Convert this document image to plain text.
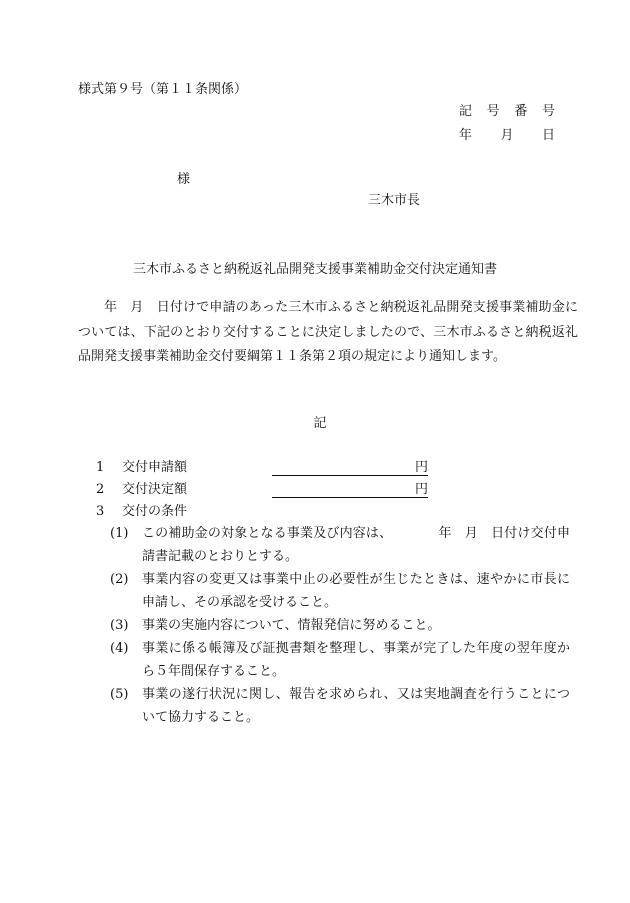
様式第９号（第１１条関係）
記 号 番 号
年 月 日
様
三木市長
三木市ふるさと納税返礼品開発支援事業補助金交付決定通知書
年　月　日付けで申請のあった三木市ふるさと納税返礼品開発支援事業補助金については、下記のとおり交付することに決定しましたので、三木市ふるさと納税返礼品開発支援事業補助金交付要綱第１１条第２項の規定により通知します。
記
1 交付申請額	円
2 交付決定額	円
3 交付の条件
(1)	この補助金の対象となる事業及び内容は、　　　　年　月　日付け交付申請書記載のとおりとする。
(2)	事業内容の変更又は事業中止の必要性が生じたときは、速やかに市長に申請し、その承認を受けること。
(3)	事業の実施内容について、情報発信に努めること。
(4)	事業に係る帳簿及び証拠書類を整理し、事業が完了した年度の翌年度から５年間保存すること。
(5)	事業の遂行状況に関し、報告を求められ、又は実地調査を行うことについて協力すること。
